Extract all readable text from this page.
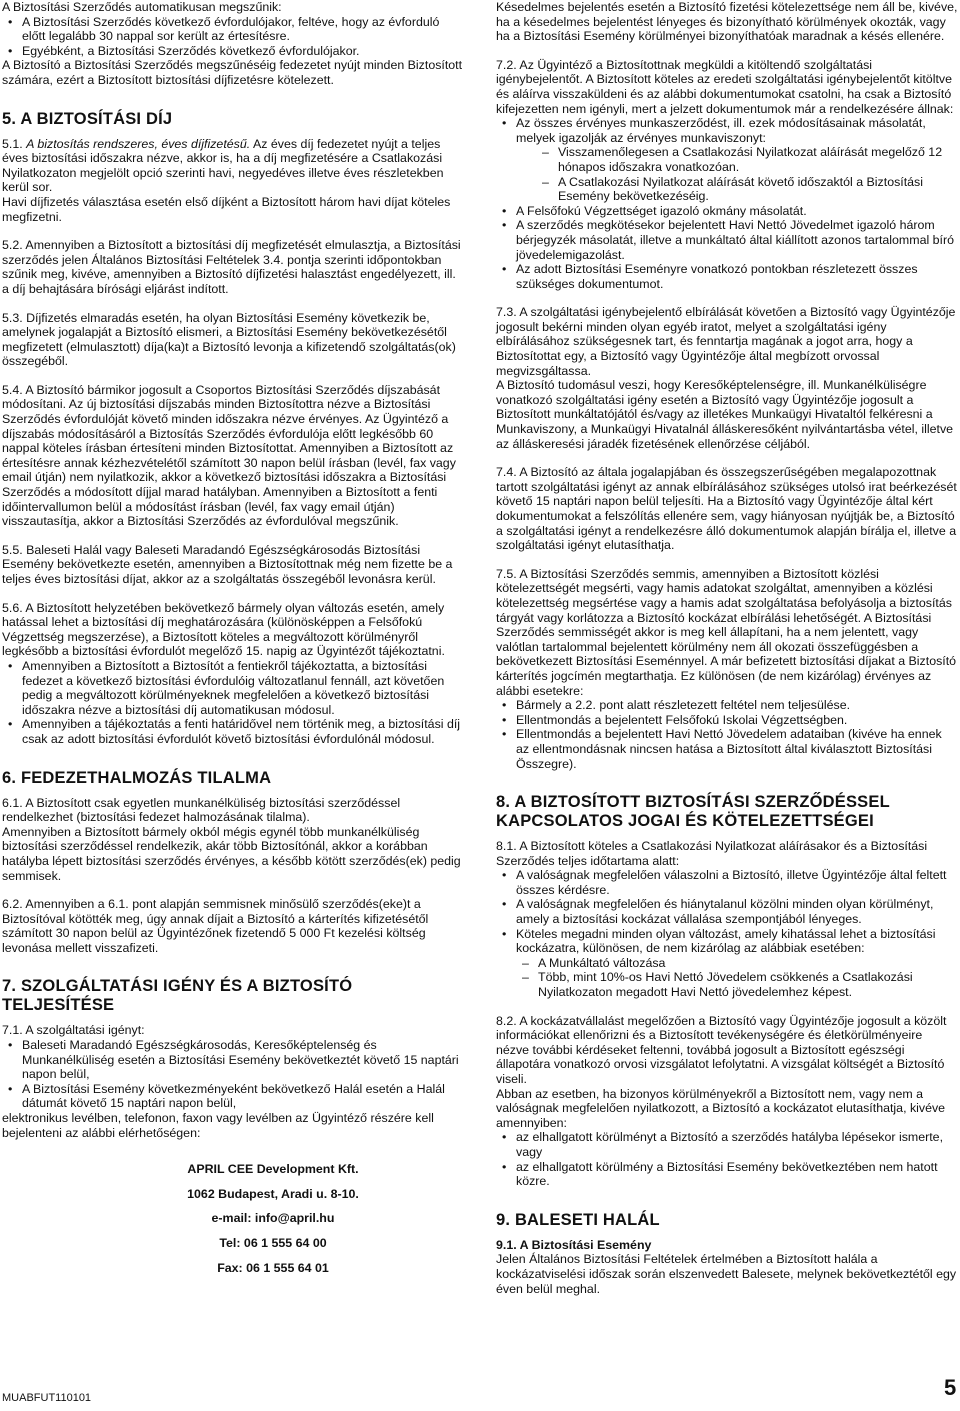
A Biztosítási Szerződés automatikusan megszűnik:

• A Biztosítási Szerződés következő évfordulójakor, feltéve, hogy az évforduló előtt legalább 30 nappal sor került az értesítésre.
• Egyébként, a Biztosítási Szerződés következő évfordulójakor.

A Biztosító a Biztosítási Szerződés megszűnéséig fedezetet nyújt minden Biztosított számára, ezért a Biztosított biztosítási díjfizetésre kötelezett.

5. A BIZTOSÍTÁSI DÍJ

5.1. A biztosítás rendszeres, éves díjfizetésű. Az éves díj fedezetet nyújt a teljes éves biztosítási időszakra nézve, akkor is, ha a díj megfizetésére a Csatlakozási Nyilatkozaton megjelölt opció szerinti havi, negyedéves illetve éves részletekben kerül sor.

Havi díjfizetés választása esetén első díjként a Biztosított három havi díjat köteles megfizetni.

5.2. Amennyiben a Biztosított a biztosítási díj megfizetését elmulasztja, a Biztosítási szerződés jelen Általános Biztosítási Feltételek 3.4. pontja szerinti időpontokban szűnik meg, kivéve, amennyiben a Biztosító díjfizetési halasztást engedélyezett, ill. a díj behajtására bírósági eljárást indított.

5.3. Díjfizetés elmaradás esetén, ha olyan Biztosítási Esemény következik be, amelynek jogalapját a Biztosító elismeri, a Biztosítási Esemény bekövetkezésétől megfizetett (elmulasztott) díja(ka)t a Biztosító levonja a kifizetendő szolgáltatás(ok) összegéből.

5.4. A Biztosító bármikor jogosult a Csoportos Biztosítási Szerződés díjszabását módosítani. Az új biztosítási díjszabás minden Biztosítottra nézve a Biztosítási Szerződés évfordulóját követő minden időszakra nézve érvényes. Az Ügyintéző a díjszabás módosításáról a Biztosítás Szerződés évfordulója előtt legkésőbb 60 nappal köteles írásban értesíteni minden Biztosítottat. Amennyiben a Biztosított az értesítésre annak kézhezvételétől számított 30 napon belül írásban (levél, fax vagy email útján) nem nyilatkozik, akkor a következő biztosítási időszakra a Biztosítási Szerződés a módosított díjjal marad hatályban. Amennyiben a Biztosított a fenti időintervallumon belül a módosítást írásban (levél, fax vagy email útján) visszautasítja, akkor a Biztosítási Szerződés az évfordulóval megszűnik.

5.5. Baleseti Halál vagy Baleseti Maradandó Egészségkárosodás Biztosítási Esemény bekövetkezte esetén, amennyiben a Biztosítottnak még nem fizette be a teljes éves biztosítási díjat, akkor az a szolgáltatás összegéből levonásra kerül.

5.6. A Biztosított helyzetében bekövetkező bármely olyan változás esetén, amely hatással lehet a biztosítási díj meghatározására (különösképpen a Felsőfokú Végzettség megszerzése), a Biztosított köteles a megváltozott körülményről legkésőbb a biztosítási évfordulót megelőző 15. napig az Ügyintézőt tájékoztatni.

• Amennyiben a Biztosított a Biztosítót a fentiekről tájékoztatta, a biztosítási fedezet a következő biztosítási évfordulóig változatlanul fennáll, azt követően pedig a megváltozott körülményeknek megfelelően a következő biztosítási időszakra nézve a biztosítási díj automatikusan módosul.
• Amennyiben a tájékoztatás a fenti határidővel nem történik meg, a biztosítási díj csak az adott biztosítási évfordulót követő biztosítási évfordulónál módosul.
6. FEDEZETHALMOZÁS TILALMA

6.1. A Biztosított csak egyetlen munkanélküliség biztosítási szerződéssel rendelkezhet (biztosítási fedezet halmozásának tilalma).

Amennyiben a Biztosított bármely okból mégis egynél több munkanélküliség biztosítási szerződéssel rendelkezik, akár több Biztosítónál, akkor a korábban hatályba lépett biztosítási szerződés érvényes, a később kötött szerződés(ek) pedig semmisek.

6.2. Amennyiben a 6.1. pont alapján semmisnek minősülő szerződés(eke)t a Biztosítóval kötötték meg, úgy annak díjait a Biztosító a kárterítés kifizetésétől számított 30 napon belül az Ügyintézőnek fizetendő 5 000 Ft kezelési költség levonása mellett visszafizeti.

7. SZOLGÁLTATÁSI IGÉNY ÉS A BIZTOSÍTÓ
TELJESÍTÉSE

7.1. A szolgáltatási igényt:

• Baleseti Maradandó Egészségkárosodás, Keresőképtelenség és Munkanélküliség esetén a Biztosítási Esemény bekövetkeztét követő 15 naptári napon belül,
• A Biztosítási Esemény következményeként bekövetkező Halál esetén a Halál dátumát követő 15 naptári napon belül,

elektronikus levélben, telefonon, faxon vagy levélben az Ügyintéző részére kell bejelenteni az alábbi elérhetőségen:

APRIL CEE Development Kft.

1062 Budapest, Aradi u. 8-10.

e-mail: info@april.hu

Tel: 06 1 555 64 00

Fax: 06 1 555 64 01

Késedelmes bejelentés esetén a Biztosító fizetési kötelezettsége nem áll be, kivéve, ha a késedelmes bejelentést lényeges és bizonyítható körülmények okozták, vagy ha a Biztosítási Esemény körülményei bizonyíthatóak maradnak a késés ellenére.

7.2. Az Ügyintéző a Biztosítottnak megküldi a kitöltendő szolgáltatási igénybejelentőt. A Biztosított köteles az eredeti szolgáltatási igénybejelentőt kitöltve és aláírva visszaküldeni és az alábbi dokumentumokat csatolni, ha csak a Biztosító kifejezetten nem igényli, mert a jelzett dokumentumok már a rendelkezésére állnak:

• Az összes érvényes munkaszerződést, ill. ezek módosításainak másolatát, melyek igazolják az érvényes munkaviszonyt:
– Visszamenőlegesen a Csatlakozási Nyilatkozat aláírását megelőző 12 hónapos időszakra vonatkozóan.
– A Csatlakozási Nyilatkozat aláírását követő időszaktól a Biztosítási Esemény bekövetkezéséig.
• A Felsőfokú Végzettséget igazoló okmány másolatát.
• A szerződés megkötésekor bejelentett Havi Nettó Jövedelmet igazoló három bérjegyzék másolatát, illetve a munkáltató által kiállított azonos tartalommal bíró jövedelemigazolást.
• Az adott Biztosítási Eseményre vonatkozó pontokban részletezett összes szükséges dokumentumot.

7.3. A szolgáltatási igénybejelentő elbírálását követően a Biztosító vagy Ügyintézője jogosult bekérni minden olyan egyéb iratot, melyet a szolgáltatási igény elbírálásához szükségesnek tart, és fenntartja magának a jogot arra, hogy a Biztosítottat egy, a Biztosító vagy Ügyintézője által megbízott orvossal megvizsgáltassa.

A Biztosító tudomásul veszi, hogy Keresőképtelenségre, ill. Munkanélküliségre vonatkozó szolgáltatási igény esetén a Biztosító vagy Ügyintézője jogosult a Biztosított munkáltatójától és/vagy az illetékes Munkaügyi Hivataltól felkéresni a Munkaviszony, a Munkaügyi Hivatalnál álláskeresőként nyilvántartásba vétel, illetve az álláskeresési járadék fizetésének ellenőrzése céljából.

7.4. A Biztosító az általa jogalapjában és összegszerűségében megalapozottnak tartott szolgáltatási igényt az annak elbírálásához szükséges utolsó irat beérkezését követő 15 naptári napon belül teljesíti. Ha a Biztosító vagy Ügyintézője által kért dokumentumokat a felszólítás ellenére sem, vagy hiányosan nyújtják be, a Biztosító a szolgáltatási igényt a rendelkezésre álló dokumentumok alapján bírálja el, illetve a szolgáltatási igényt elutasíthatja.

7.5. A Biztosítási Szerződés semmis, amennyiben a Biztosított közlési kötelezettségét megsérti, vagy hamis adatokat szolgáltat, amennyiben a közlési kötelezettség megsértése vagy a hamis adat szolgáltatása befolyásolja a biztosítás tárgyát vagy korlátozza a Biztosító kockázat elbírálási lehetőségét. A Biztosítási Szerződés semmisségét akkor is meg kell állapítani, ha a nem jelentett, vagy valótlan tartalommal bejelentett körülmény nem áll okozati összefüggésben a bekövetkezett Biztosítási Eseménnyel. A már befizetett biztosítási díjakat a Biztosító kárterítés jogcímén megtarthatja. Ez különösen (de nem kizárólag) érvényes az alábbi esetekre:

• Bármely a 2.2. pont alatt részletezett feltétel nem teljesülése.
• Ellentmondás a bejelentett Felsőfokú Iskolai Végzettségben.
• Ellentmondás a bejelentett Havi Nettó Jövedelem adataiban (kivéve ha ennek az ellentmondásnak nincsen hatása a Biztosított által kiválasztott Biztosítási Összegre).
8. A BIZTOSÍTOTT BIZTOSÍTÁSI SZERZŐDÉSSEL
KAPCSOLATOS JOGAI ÉS KÖTELEZETTSÉGEI

8.1. A Biztosított köteles a Csatlakozási Nyilatkozat aláírásakor és a Biztosítási Szerződés teljes időtartama alatt:

• A valóságnak megfelelően válaszolni a Biztosító, illetve Ügyintézője által feltett összes kérdésre.
• A valóságnak megfelelően és hiánytalanul közölni minden olyan körülményt, amely a biztosítási kockázat vállalása szempontjából lényeges.
• Köteles megadni minden olyan változást, amely kihatással lehet a biztosítási kockázatra, különösen, de nem kizárólag az alábbiak esetében:
– A Munkáltató változása
– Több, mint 10%-os Havi Nettó Jövedelem csökkenés a Csatlakozási Nyilatkozaton megadott Havi Nettó jövedelemhez képest.

8.2. A kockázatvállalást megelőzően a Biztosító vagy Ügyintézője jogosult a közölt információkat ellenőrizni és a Biztosított tevékenységére és életkörülményeire nézve további kérdéseket feltenni, továbbá jogosult a Biztosított egészségi állapotára vonatkozó orvosi vizsgálatot lefolytatni. A vizsgálat költségét a Biztosító viseli.

Abban az esetben, ha bizonyos körülményekről a Biztosított nem, vagy nem a valóságnak megfelelően nyilatkozott, a Biztosító a kockázatot elutasíthatja, kivéve amennyiben:

• az elhallgatott körülményt a Biztosító a szerződés hatályba lépésekor ismerte, vagy
• az elhallgatott körülmény a Biztosítási Esemény bekövetkeztében nem hatott közre.
9. BALESETI HALÁL
9.1. A Biztosítási Esemény

Jelen Általános Biztosítási Feltételek értelmében a Biztosított halála a kockázatviselési időszak során elszenvedett Balesete, melynek bekövetkeztétől egy éven belül meghal.

MUABFUT110101	5
